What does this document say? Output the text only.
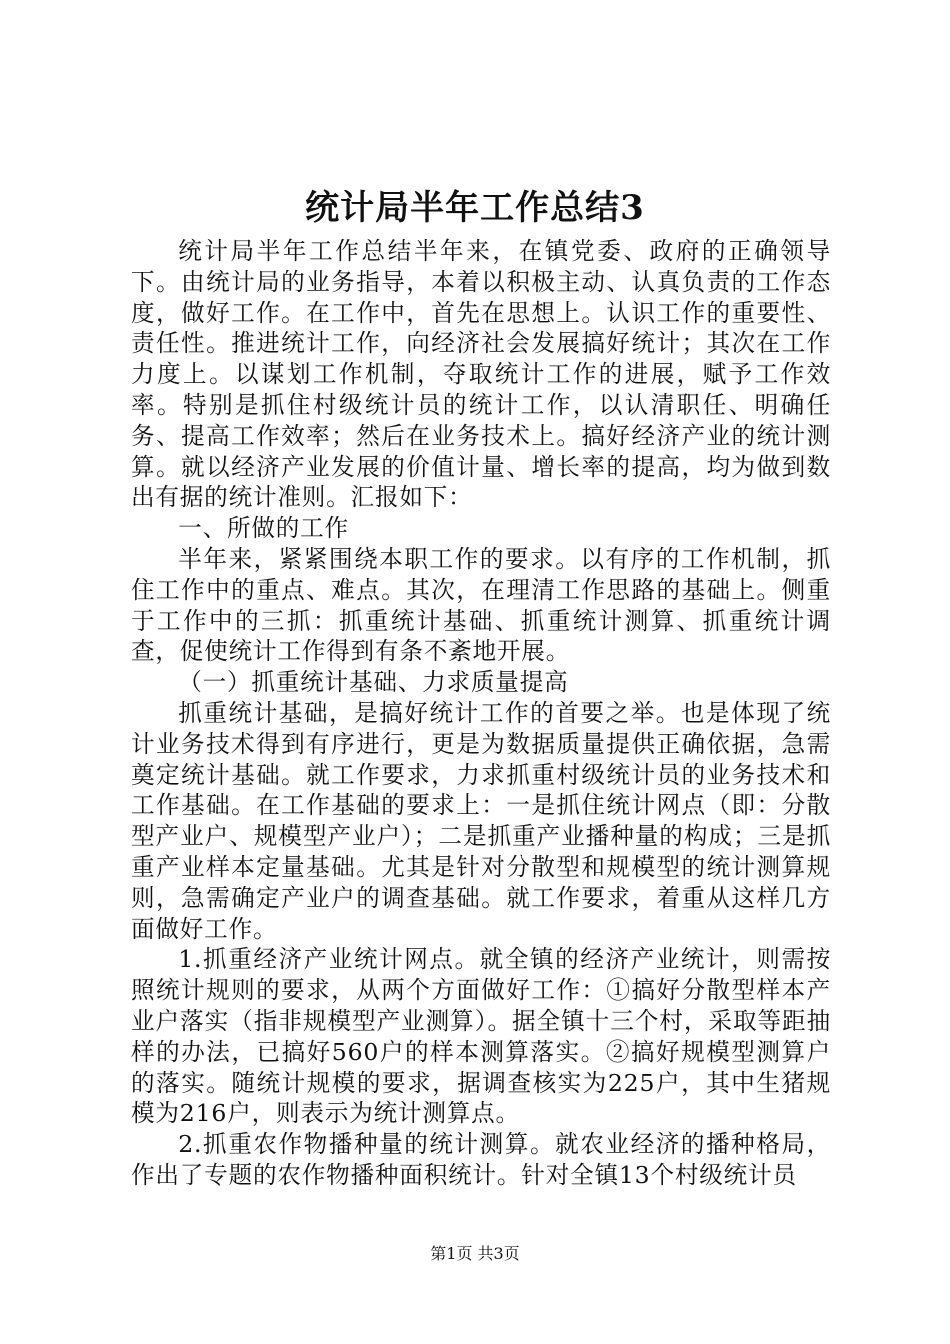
统计局半年工作总结3

统计局半年工作总结半年来，在镇党委、政府的正确领导下。由统计局的业务指导，本着以积极主动、认真负责的工作态度，做好工作。在工作中，首先在思想上。认识工作的重要性、责任性。推进统计工作，向经济社会发展搞好统计；其次在工作力度上。以谋划工作机制，夺取统计工作的进展，赋予工作效率。特别是抓住村级统计员的统计工作，以认清职任、明确任务、提高工作效率；然后在业务技术上。搞好经济产业的统计测算。就以经济产业发展的价值计量、增长率的提高，均为做到数出有据的统计准则。汇报如下：

一、所做的工作

半年来，紧紧围绕本职工作的要求。以有序的工作机制，抓住工作中的重点、难点。其次，在理清工作思路的基础上。侧重于工作中的三抓：抓重统计基础、抓重统计测算、抓重统计调查，促使统计工作得到有条不紊地开展。

（一）抓重统计基础、力求质量提高

抓重统计基础，是搞好统计工作的首要之举。也是体现了统计业务技术得到有序进行，更是为数据质量提供正确依据，急需奠定统计基础。就工作要求，力求抓重村级统计员的业务技术和工作基础。在工作基础的要求上：一是抓住统计网点（即：分散型产业户、规模型产业户）；二是抓重产业播种量的构成；三是抓重产业样本定量基础。尤其是针对分散型和规模型的统计测算规则，急需确定产业户的调查基础。就工作要求，着重从这样几方面做好工作。

1.抓重经济产业统计网点。就全镇的经济产业统计，则需按照统计规则的要求，从两个方面做好工作：①搞好分散型样本产业户落实（指非规模型产业测算）。据全镇十三个村，采取等距抽样的办法，已搞好560户的样本测算落实。②搞好规模型测算户的落实。随统计规模的要求，据调查核实为225户，其中生猪规模为216户，则表示为统计测算点。

2.抓重农作物播种量的统计测算。就农业经济的播种格局，作出了专题的农作物播种面积统计。针对全镇13个村级统计员

第1页 共3页
